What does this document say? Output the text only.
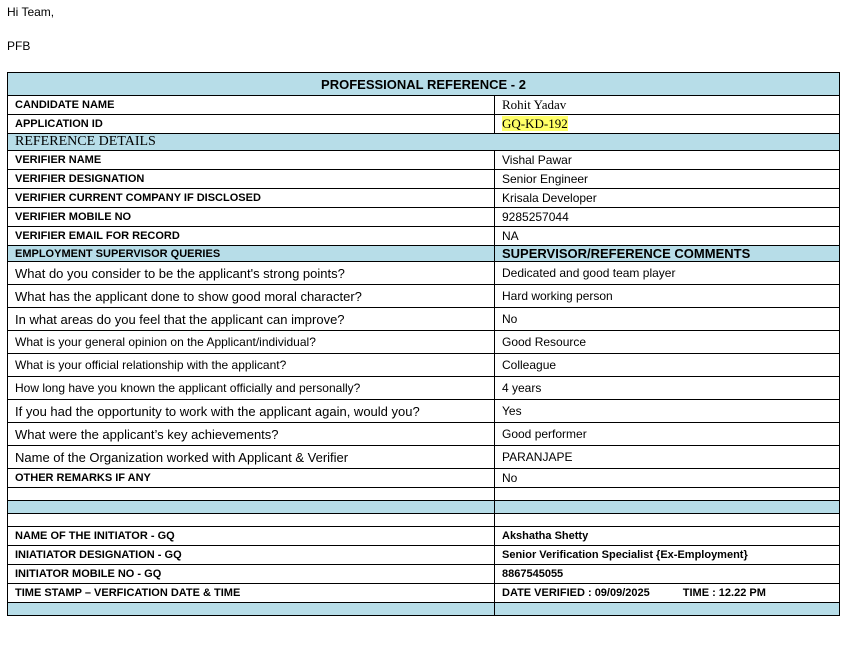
Hi Team,
PFB
PROFESSIONAL REFERENCE - 2	
CANDIDATE NAME	Rohit Yadav
APPLICATION ID	GQ-KD-192
REFERENCE DETAILS	
VERIFIER NAME	Vishal Pawar
VERIFIER DESIGNATION	Senior Engineer
VERIFIER CURRENT COMPANY IF DISCLOSED	Krisala Developer
VERIFIER MOBILE NO	9285257044
VERIFIER EMAIL FOR RECORD	NA
EMPLOYMENT SUPERVISOR QUERIES	SUPERVISOR/REFERENCE COMMENTS
What do you consider to be the applicant's strong points?	Dedicated and good team player
What has the applicant done to show good moral character?	Hard working person
In what areas do you feel that the applicant can improve?	No
What is your general opinion on the Applicant/individual?	Good Resource
What is your official relationship with the applicant?	Colleague
How long have you known the applicant officially and personally?	4 years
If you had the opportunity to work with the applicant again, would you?	Yes
What were the applicant’s key achievements?	Good performer
Name of the Organization worked with Applicant & Verifier	PARANJAPE
OTHER REMARKS IF ANY	No

NAME OF THE INITIATOR - GQ	Akshatha Shetty
INIATIATOR DESIGNATION - GQ	Senior Verification Specialist {Ex-Employment}
INITIATOR MOBILE NO - GQ	8867545055
TIME STAMP – VERFICATION DATE & TIME	DATE VERIFIED : 09/09/2025 TIME : 12.22 PM
